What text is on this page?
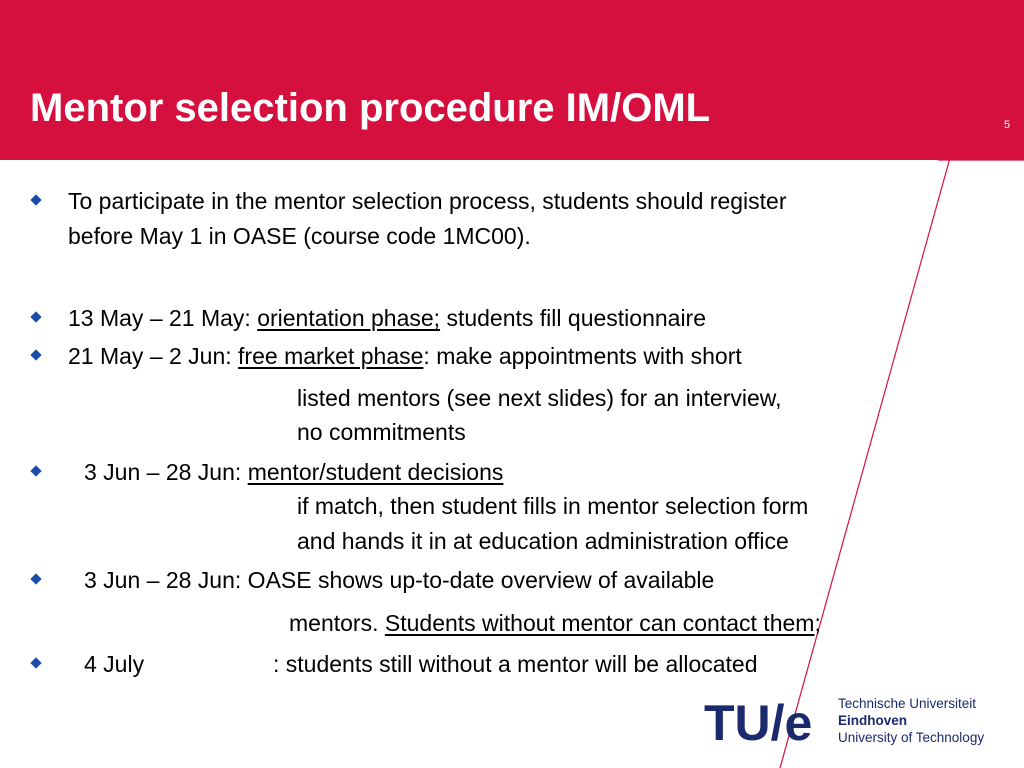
Mentor selection procedure IM/OML	5
To participate in the mentor selection process, students should register
before May 1 in OASE (course code 1MC00).
13 May – 21 May: orientation phase; students fill questionnaire
21 May – 2 Jun: free market phase: make appointments with short
listed mentors (see next slides) for an interview,
no commitments
3 Jun – 28 Jun: mentor/student decisions
if match, then student fills in mentor selection form
and hands it in at education administration office
3 Jun – 28 Jun: OASE shows up-to-date overview of available
mentors. Students without mentor can contact them;
4 July	: students still without a mentor will be allocated
TU/e Technische Universiteit
Eindhoven
University of Technology
